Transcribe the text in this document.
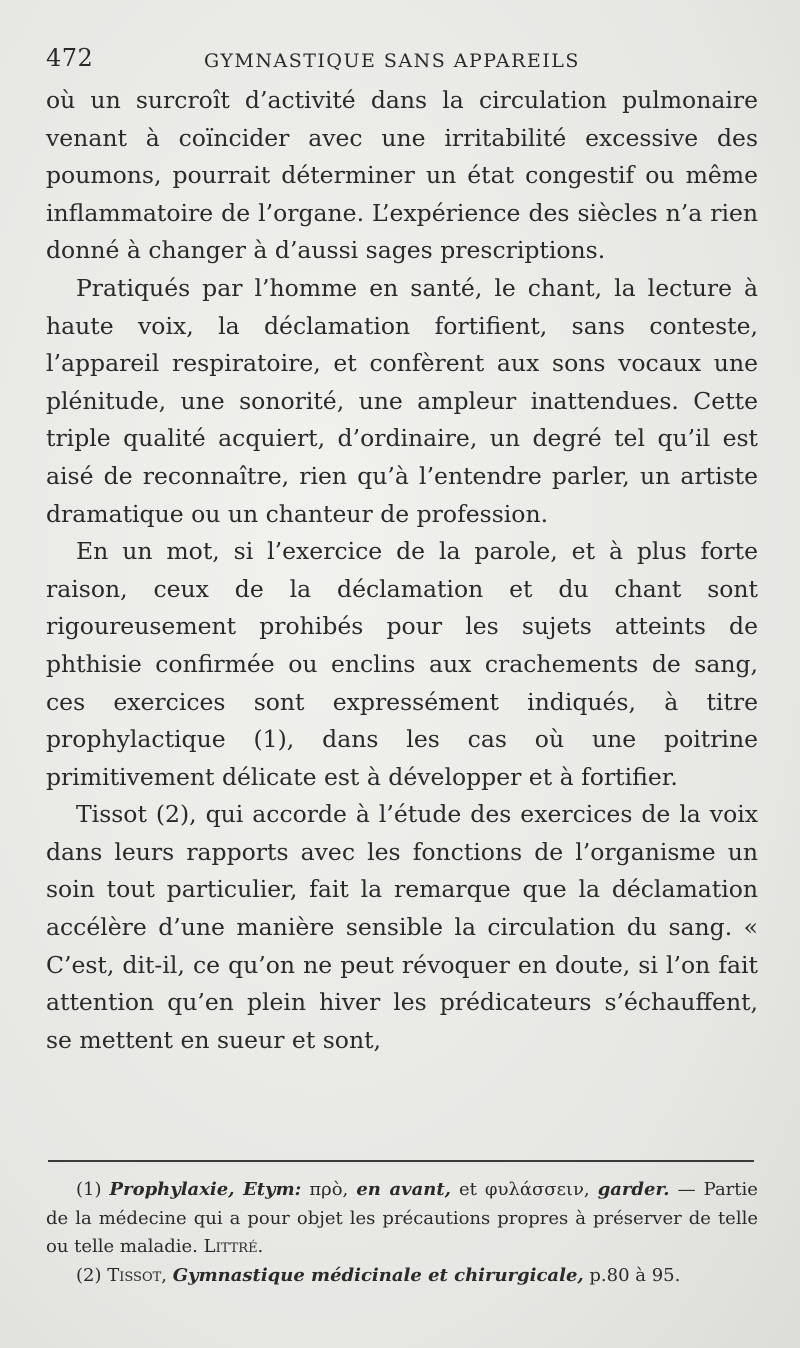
472	GYMNASTIQUE SANS APPAREILS

où un surcroît d’activité dans la circulation pulmonaire venant à coïncider avec une irritabilité excessive des poumons, pourrait déterminer un état congestif ou même inflammatoire de l’organe. L’expérience des siècles n’a rien donné à changer à d’aussi sages prescriptions.

Pratiqués par l’homme en santé, le chant, la lecture à haute voix, la déclamation fortifient, sans conteste, l’appareil respiratoire, et confèrent aux sons vocaux une plénitude, une sonorité, une ampleur inattendues. Cette triple qualité acquiert, d’ordinaire, un degré tel qu’il est aisé de reconnaître, rien qu’à l’entendre parler, un artiste dramatique ou un chanteur de profession.

En un mot, si l’exercice de la parole, et à plus forte raison, ceux de la déclamation et du chant sont rigoureusement prohibés pour les sujets atteints de phthisie confirmée ou enclins aux crachements de sang, ces exercices sont expressément indiqués, à titre prophylactique (1), dans les cas où une poitrine primitivement délicate est à développer et à fortifier.

Tissot (2), qui accorde à l’étude des exercices de la voix dans leurs rapports avec les fonctions de l’organisme un soin tout particulier, fait la remarque que la déclamation accélère d’une manière sensible la circulation du sang. « C’est, dit-il, ce qu’on ne peut révoquer en doute, si l’on fait attention qu’en plein hiver les prédicateurs s’échauffent, se mettent en sueur et sont,

(1) Prophylaxie, Etym: πρὸ, en avant, et φυλάσσειν, garder. — Partie de la médecine qui a pour objet les précautions propres à préserver de telle ou telle maladie. Littré.

(2) Tissot, Gymnastique médicinale et chirurgicale, p.80 à 95.
